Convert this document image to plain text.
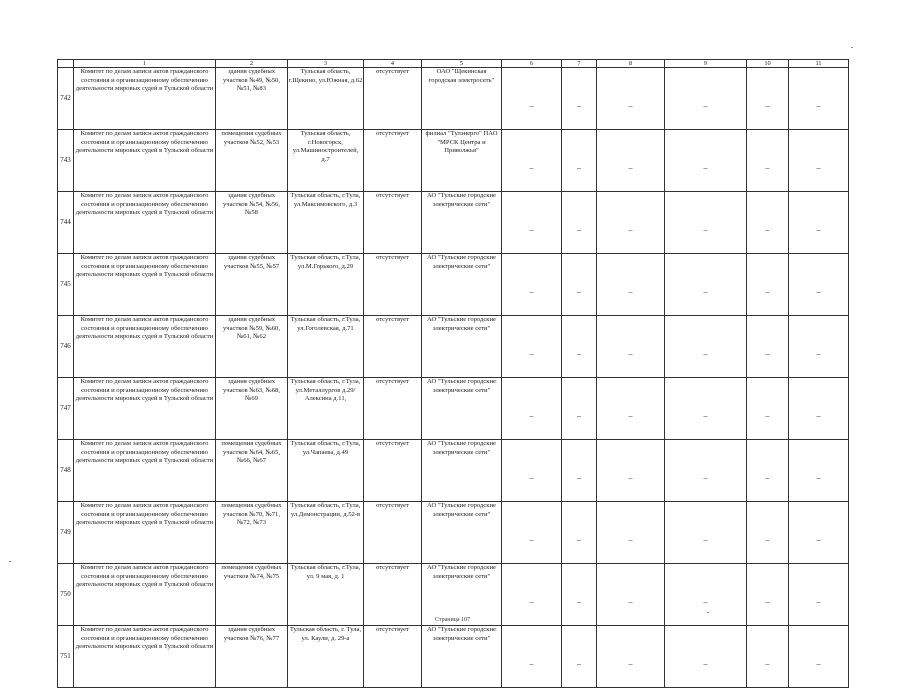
	1	2	3	4	5	6	7	8	9	10	11
742	Комитет по делам записи актов гражданского состояния и организационному обеспечению деятельности мировых судей в Тульской области	здания судебных участков №49, №50, №51, №83	Тульская область, г.Щекино, ул.Южная, д.62	отсутствует	ОАО "Щекинская городская электросеть"	_	_	_	_	_	_
743	Комитет по делам записи актов гражданского состояния и организационному обеспечению деятельности мировых судей в Тульской области	помещения судебных участков №52, №53	Тульская область, г.Новогорск, ул.Машиностроителей, д.7	отсутствует	филиал "Тулэнерго" ПАО "МРСК Центра и Приволжья"	_	_	_	_	_	_
744	Комитет по делам записи актов гражданского состояния и организационному обеспечению деятельности мировых судей в Тульской области	здания судебных участков №54, №56, №58	Тульская область, г.Тула, ул.Максимовского, д.3	отсутствует	АО "Тульские городские электрические сети"	_	_	_	_	_	_
745	Комитет по делам записи актов гражданского состояния и организационному обеспечению деятельности мировых судей в Тульской области	здания судебных участков №55, №57	Тульская область, г.Тула, ул.М.Горького, д.29	отсутствует	АО "Тульские городские электрические сети"	_	_	_	_	_	_
746	Комитет по делам записи актов гражданского состояния и организационному обеспечению деятельности мировых судей в Тульской области	здания судебных участков №59, №60, №61, №62	Тульская область, г.Тула, ул.Гоголевская, д.71	отсутствует	АО "Тульские городские электрические сети"	_	_	_	_	_	_
747	Комитет по делам записи актов гражданского состояния и организационному обеспечению деятельности мировых судей в Тульской области	здания судебных участков №63, №68, №69	Тульская область, г.Тула, ул.Металлургов д.29/Алексина д.11,	отсутствует	АО "Тульские городские электрические сети"	_	_	_	_	_	_
748	Комитет по делам записи актов гражданского состояния и организационному обеспечению деятельности мировых судей в Тульской области	помещения судебных участков №64, №65, №66, №67	Тульская область, г.Тула, ул.Чапаева, д.49	отсутствует	АО "Тульские городские электрические сети"	_	_	_	_	_	_
749	Комитет по делам записи актов гражданского состояния и организационному обеспечению деятельности мировых судей в Тульской области	помещения судебных участков №70, №71, №72, №73	Тульская область, г.Тула, ул.Демонстрации, д.52-в	отсутствует	АО "Тульские городские электрические сети"	_	_	_	_	_	_
750	Комитет по делам записи актов гражданского состояния и организационному обеспечению деятельности мировых судей в Тульской области	помещения судебных участков №74, №75	Тульская область, г.Тула, ул. 9 мая, д. 1	отсутствует	АО "Тульские городские электрические сети"	_	_	_	_	_	_
751	Комитет по делам записи актов гражданского состояния и организационному обеспечению деятельности мировых судей в Тульской области	здания судебных участков №76, №77	Тульская область, г. Тула, ул. Каули, д. 29-а	отсутствует	АО "Тульские городские электрические сети"	_	_	_	_	_	_
Страница 107
